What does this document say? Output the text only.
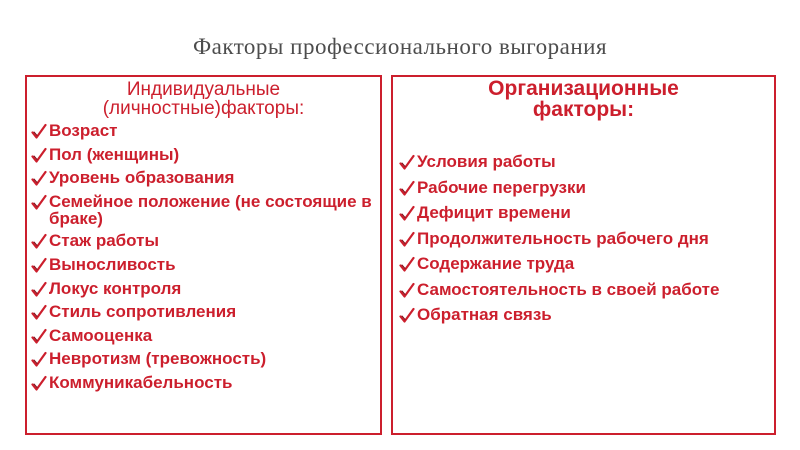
Факторы профессионального выгорания
Индивидуальные
(личностные)факторы:
Возраст
Пол (женщины)
Уровень образования
Семейное положение (не состоящие в браке)
Стаж работы
Выносливость
Локус контроля
Стиль сопротивления
Самооценка
Невротизм (тревожность)
Коммуникабельность
Организационные
факторы:
Условия работы
Рабочие перегрузки
Дефицит времени
Продолжительность рабочего дня
Содержание труда
Самостоятельность в своей работе
Обратная связь
